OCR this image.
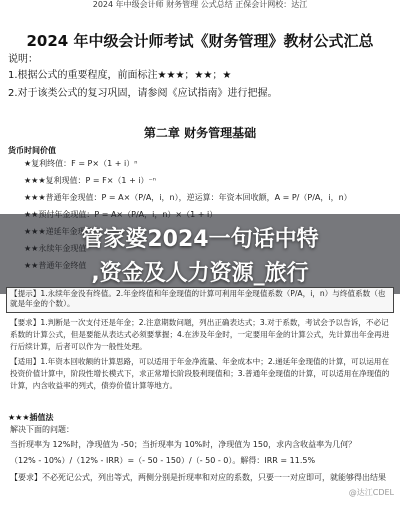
2024 年中级会计师 财务管理 公式总结 正保会计网校：达江
2024 年中级会计师考试《财务管理》教材公式汇总
说明：
1.根据公式的重要程度，前面标注★★★；★★；★
2.对于该类公式的复习巩固，请参阅《应试指南》进行把握。
第二章 财务管理基础
货币时间价值
★复利终值：F = P×（1 + i）ⁿ
★★★复利现值：P = F×（1 + i）⁻ⁿ
★★★普通年金现值：P = A×（P/A，i，n），逆运算：年资本回收额，A = P/（P/A，i，n）
管家婆2024一句话中特
,资金及人力资源_旅行
【提示】1.永续年金没有终值。2.年金终值和年金现值的计算可利用年金现值系数（P/A，i，n）与终值系数（也就是年金的个数）。
【要求】1.判断是一次支付还是年金；2.注意期数问题，列出正确表达式；3.对于系数，考试会予以告诉，不必记系数的计算公式，但是要能从表达式必须要掌握；4.在涉及年金时，一定要用年金的计算公式，先计算出年金再进行后续计算，后者可以作为一般性处理。
【适用】1.年资本回收额的计算思路，可以适用于年金净流量、年金成本中；2.递延年金现值的计算，可以运用在投资价值计算中，阶段性增长模式下，求正常增长阶段股利现值和；3.普通年金现值的计算，可以适用在净现值的计算，内含收益率的列式，债券价值计算等地方。
★★★插值法
解决下面的问题：
当折现率为 12%时，净现值为 -50；当折现率为 10%时，净现值为 150，求内含收益率为几何？
（12% - 10%）/（12% - IRR）=（- 50 - 150）/（- 50 - 0）。解得：IRR = 11.5%
【要求】不必死记公式，列出等式，两侧分别是折现率和对应的系数，只要一一对应即可，就能够得出结果
@达江CDEL
